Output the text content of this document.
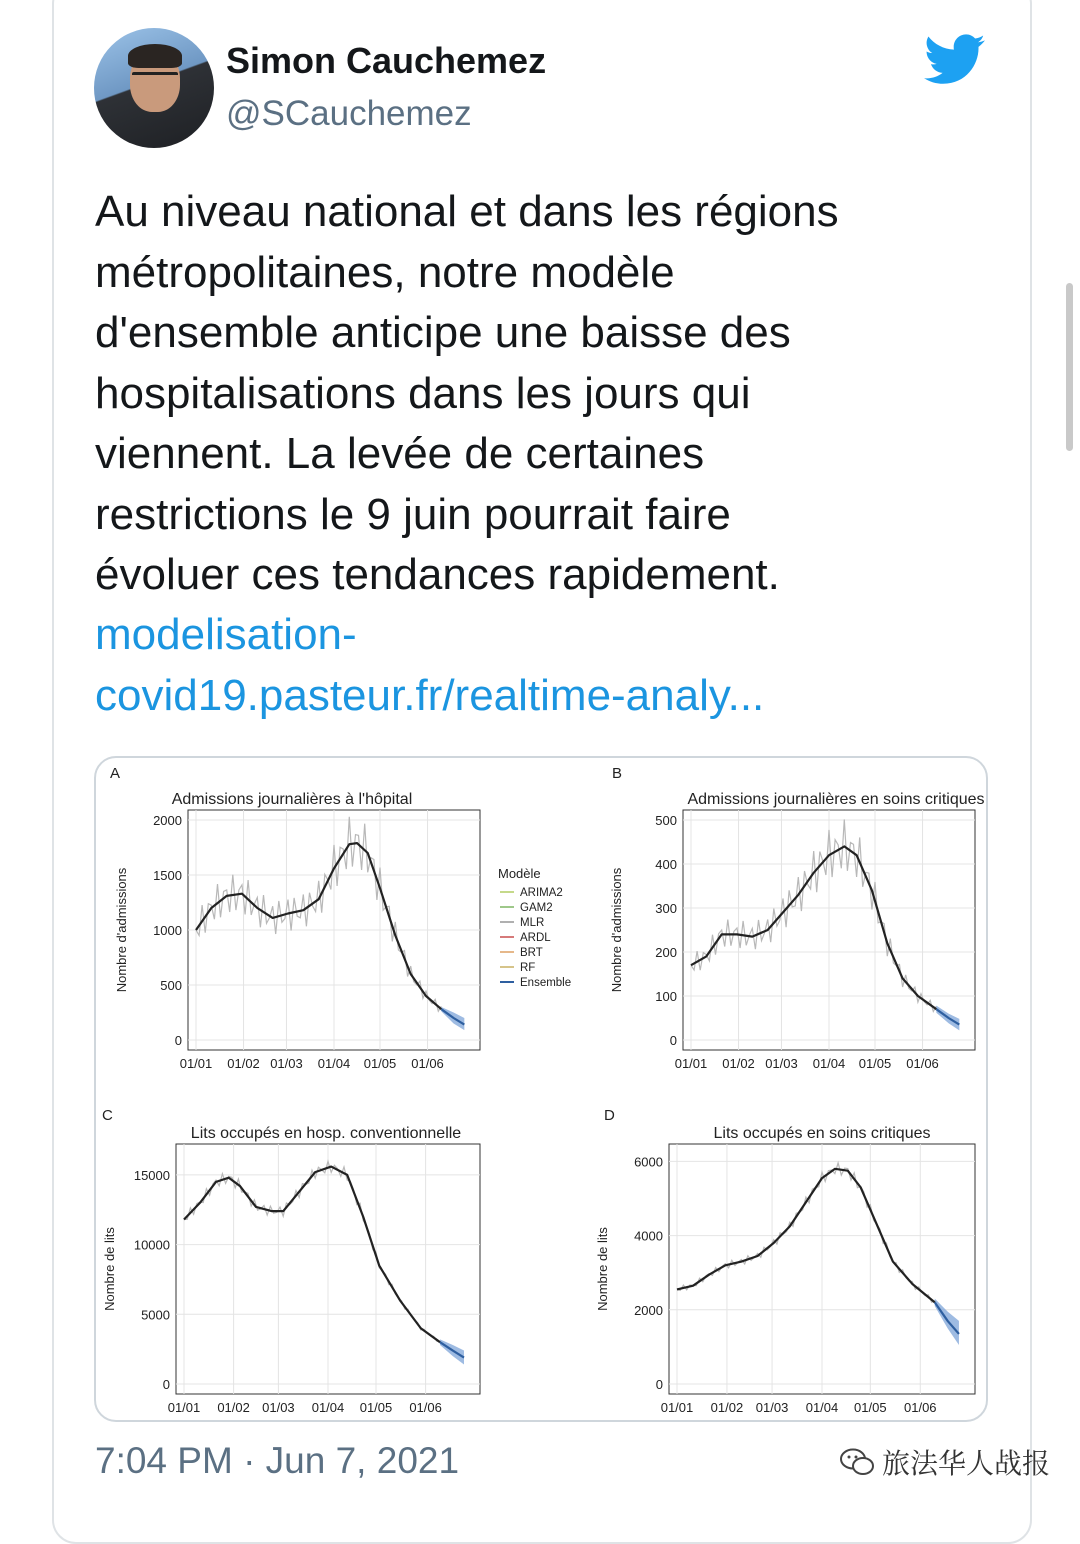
Simon Cauchemez
@SCauchemez
Au niveau national et dans les régions
métropolitaines, notre modèle
d'ensemble anticipe une baisse des
hospitalisations dans les jours qui
viennent. La levée de certaines
restrictions le 9 juin pourrait faire
évoluer ces tendances rapidement.
modelisation-
covid19.pasteur.fr/realtime-analy...
A
Admissions journalières à l'hôpital
0
500
1000
1500
2000
01/01 01/02 01/03 01/04 01/05 01/06
Nombre d'admissions	Modèle
ARIMA2
GAM2
MLR
ARDL
BRT
RF
Ensemble
B
Admissions journalières en soins critiques
0
100
200
300
400
500
01/01 01/02 01/03 01/04 01/05 01/06
Nombre d'admissions
C
Lits occupés en hosp. conventionnelle
0
5000
10000
15000
01/01 01/02 01/03 01/04 01/05 01/06
Nombre de lits
D
Lits occupés en soins critiques
0
2000
4000
6000
01/01 01/02 01/03 01/04 01/05 01/06
Nombre de lits
7:04 PM · Jun 7, 2021	旅法华人战报
